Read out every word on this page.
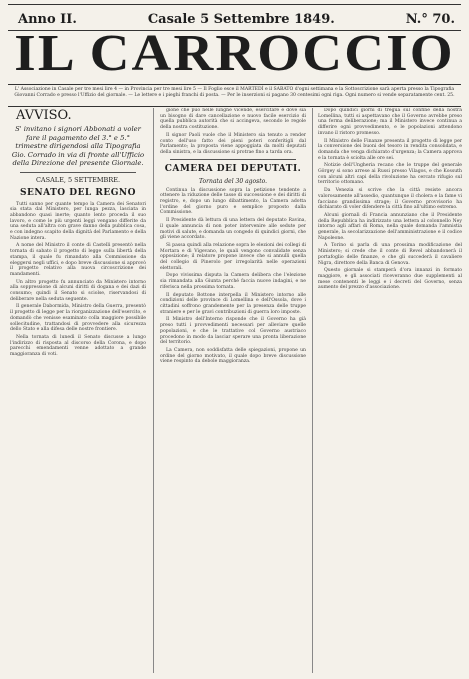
Anno II.	Casale 5 Settembre 1849.	N.° 70.
IL CARROCCIO
L' Associazione in Casale per tre mesi lire 4 — in Provincia per tre mesi lire 5 — Il Foglio esce il MARTEDÌ e il SABATO d'ogni settimana e la Sottoscrizione sarà aperta presso la Tipografia Giovanni Corrado e presso l'Uffizio del giornale. — Le lettere e i pieghi franchi di posta. — Per le inserzioni si pagano 30 centesimi ogni riga. Ogni numero si vende separatamente cent. 25.
AVVISO.
S' invitano i signori Abbonati a voler fare il pagamento del 3.° e 5.° trimestre dirigendosi alla Tipografia Gio. Corrado in via di fronte all'Ufficio della Direzione del presente Giornale.
CASALE, 5 SETTEMBRE.
SENATO DEL REGNO

Tutti sanno per quante tempo la Camera dei Senatori sia stata dal Ministero, per lunga pezza, lasciata in abbandono quasi inerte; quanto lento proceda il suo lavoro, e come le più urgenti leggi vengano differite da una seduta all'altra con grave danno della pubblica cosa, e con indegno scapito della dignità del Parlamento e della Nazione intera.

A nome del Ministro il conte di Castelli presentò nella tornata di sabato il progetto di legge sulla libertà della stampa, il quale fu rimandato alla Commissione da eleggersi negli uffici, e dopo breve discussione si approvò il progetto relativo alla nuova circoscrizione dei mandamenti.

Un altro progetto fu annunciato da Ministero intorno alla soppressione di alcuni diritti di dogana e dei dazi di consumo; quindi il Senato si sciolse, riservandosi di deliberare nella seduta seguente.

Il generale Dabormida, Ministro della Guerra, presentò il progetto di legge per la riorganizzazione dell'esercito, e domandò che venisse esaminato colla maggiore possibile sollecitudine, trattandosi di provvedere alla sicurezza dello Stato e alla difesa delle nostre frontiere.

Nella tornata di lunedì il Senato discusse a lungo l'indirizzo di risposta al discorso della Corona, e dopo parecchi emendamenti venne adottato a grande maggioranza di voti.

gione che può nelle lunghe vicende, esercitare e dove sia un bisogno di dare cancellazione e nuovo facile esercizio di quella pubblica autorità che si accingeva, secondo le regole della nostra costituzione.

Il signor Paoli vuole che il Ministero sia tenuto a render conto dell'uso fatto dei pieni poteri conferitigli dal Parlamento; la proposta viene appoggiata da molti deputati della sinistra, e la discussione si protrae fino a tarda ora.

CAMERA DEI DEPUTATI.
Tornata del 30 agosto.

Continua la discussione sopra la petizione tendente a ottenere la riduzione delle tasse di successione e dei diritti di registro, e, dopo un lungo dibattimento, la Camera adotta l'ordine del giorno puro e semplice proposto dalla Commissione.

Il Presidente dà lettura di una lettera del deputato Ravina, il quale annuncia di non poter intervenire alle sedute per motivi di salute, e domanda un congedo di quindici giorni, che gli viene accordato.

Si passa quindi alla relazione sopra le elezioni dei collegi di Mortara e di Vigevano, le quali vengono convalidate senza opposizione; il relatore propone invece che si annulli quella del collegio di Pinerolo per irregolarità nelle operazioni elettorali.

Dopo vivissima disputa la Camera delibera che l'elezione sia rimandata alla Giunta perché faccia nuove indagini, e ne riferisca nella prossima tornata.

Il deputato Bottone interpella il Ministero intorno alle condizioni delle province di Lomellina e dell'Ossola, dove i cittadini soffrono grandemente per la presenza delle truppe straniere e per le gravi contribuzioni di guerra loro imposte.

Il Ministro dell'Interno risponde che il Governo ha già preso tutti i provvedimenti necessari per alleviare quelle popolazioni, e che le trattative col Governo austriaco procedono in modo da lasciar sperare una pronta liberazione del territorio.

La Camera, non soddisfatta delle spiegazioni, propone un ordine del giorno motivato, il quale dopo breve discussione viene respinto da debole maggioranza.

Dopo quindici giorni di tregua sul confine della nostra Lomellina, tutti si aspettavano che il Governo avrebbe preso una ferma deliberazione; ma il Ministero invece continua a differire ogni provvedimento, e le popolazioni attendono invano il ristoro promesso.

Il Ministro delle Finanze presenta il progetto di legge per la conversione dei buoni del tesoro in rendita consolidata, e domanda che venga dichiarato d'urgenza; la Camera approva e la tornata è sciolta alle ore sei.

Notizie dell'Ungheria recano che le truppe del generale Görgey si sono arrese ai Russi presso Vilagos, e che Kossuth con alcuni altri capi della rivoluzione ha cercato rifugio sul territorio ottomano.

Da Venezia si scrive che la città resiste ancora valorosamente all'assedio, quantunque il cholera e la fame vi facciano grandissima strage; il Governo provvisorio ha dichiarato di voler difendere la città fino all'ultimo estremo.

Alcuni giornali di Francia annunziano che il Presidente della Repubblica ha indirizzato una lettera al colonnello Ney intorno agli affari di Roma, nella quale domanda l'amnistia generale, la secolarizzazione dell'amministrazione e il codice Napoleone.

A Torino si parla di una prossima modificazione del Ministero; si crede che il conte di Revel abbandonerà il portafoglio delle finanze, e che gli succederà il cavaliere Nigra, direttore della Banca di Genova.

Questo giornale si stamperà d'ora innanzi in formato maggiore, e gli associati riceveranno due supplementi al mese contenenti le leggi e i decreti del Governo, senza aumento del prezzo d'associazione.
